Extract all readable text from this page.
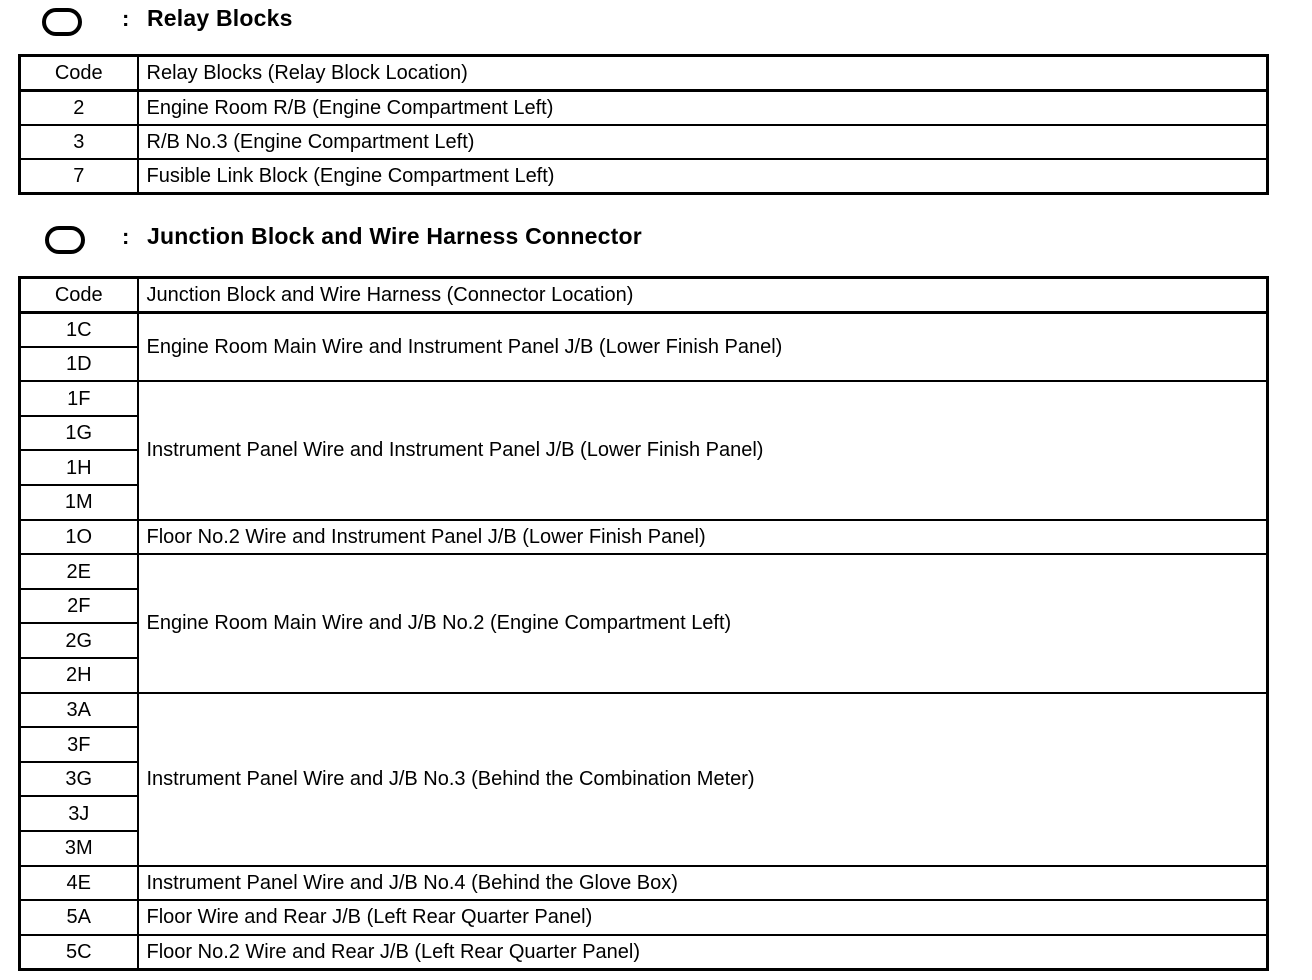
: Relay Blocks
Code	Relay Blocks (Relay Block Location)
2	Engine Room R/B (Engine Compartment Left)
3	R/B No.3 (Engine Compartment Left)
7	Fusible Link Block (Engine Compartment Left)
: Junction Block and Wire Harness Connector
Code	Junction Block and Wire Harness (Connector Location)
1C	Engine Room Main Wire and Instrument Panel J/B (Lower Finish Panel)
1D	
1F	Instrument Panel Wire and Instrument Panel J/B (Lower Finish Panel)
1G	
1H	
1M	
1O	Floor No.2 Wire and Instrument Panel J/B (Lower Finish Panel)
2E	Engine Room Main Wire and J/B No.2 (Engine Compartment Left)
2F	
2G	
2H	
3A	Instrument Panel Wire and J/B No.3 (Behind the Combination Meter)
3F	
3G	
3J	
3M	
4E	Instrument Panel Wire and J/B No.4 (Behind the Glove Box)
5A	Floor Wire and Rear J/B (Left Rear Quarter Panel)
5C	Floor No.2 Wire and Rear J/B (Left Rear Quarter Panel)
